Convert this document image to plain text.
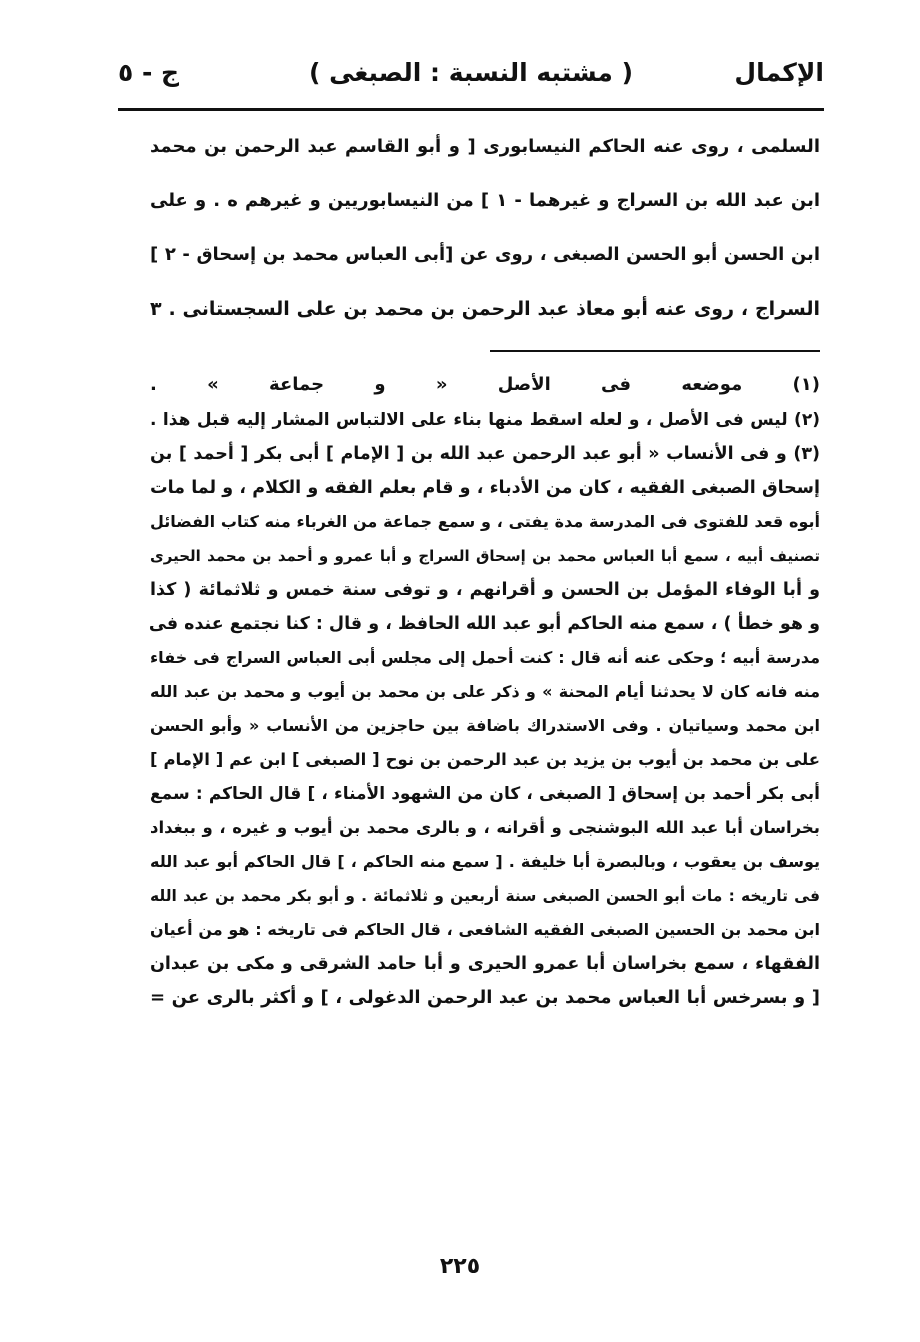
الإكمال
( مشتبه النسبة : الصبغى )
ج - ٥
السلمى ، روى عنه الحاكم النيسابورى [ و أبو القاسم عبد الرحمن بن محمد
ابن عبد الله بن السراج و غيرهما - ١ ] من النيسابوريين و غيرهم ه . و على
ابن الحسن أبو الحسن الصبغى ، روى عن [أبى العباس محمد بن إسحاق - ٢ ]
السراج ، روى عنه أبو معاذ عبد الرحمن بن محمد بن على السجستانى . ٣
(١) موضعه فى الأصل « و جماعة » .
(٢) ليس فى الأصل ، و لعله اسقط منها بناء على الالتباس المشار إليه قبل هذا .
(٣) و فى الأنساب « أبو عبد الرحمن عبد الله بن [ الإمام ] أبى بكر [ أحمد ] بن
إسحاق الصبغى الفقيه ، كان من الأدباء ، و قام بعلم الفقه و الكلام ، و لما مات
أبوه قعد للفتوى فى المدرسة مدة يفتى ، و سمع جماعة من الغرباء منه كتاب الفضائل
تصنيف أبيه ، سمع أبا العباس محمد بن إسحاق السراج و أبا عمرو و أحمد بن محمد الحيرى
و أبا الوفاء المؤمل بن الحسن و أقرانهم ، و توفى سنة خمس و ثلاثمائة ( كذا
و هو خطأ ) ، سمع منه الحاكم أبو عبد الله الحافظ ، و قال : كنا نجتمع عنده فى
مدرسة أبيه ؛ وحكى عنه أنه قال : كنت أحمل إلى مجلس أبى العباس السراج فى خفاء
منه فانه كان لا يحدثنا أيام المحنة » و ذكر على بن محمد بن أيوب و محمد بن عبد الله
ابن محمد وسياتيان . وفى الاستدراك باضافة بين حاجزين من الأنساب « وأبو الحسن
على بن محمد بن أيوب بن يزيد بن عبد الرحمن بن نوح [ الصبغى ] ابن عم [ الإمام ]
أبى بكر أحمد بن إسحاق [ الصبغى ، كان من الشهود الأمناء ، ] قال الحاكم : سمع
بخراسان أبا عبد الله البوشنجى و أقرانه ، و بالرى محمد بن أيوب و غيره ، و ببغداد
يوسف بن يعقوب ، وبالبصرة أبا خليفة . [ سمع منه الحاكم ، ] قال الحاكم أبو عبد الله
فى تاريخه : مات أبو الحسن الصبغى سنة أربعين و ثلاثمائة . و أبو بكر محمد بن عبد الله
ابن محمد بن الحسين الصبغى الفقيه الشافعى ، قال الحاكم فى تاريخه : هو من أعيان
الفقهاء ، سمع بخراسان أبا عمرو الحيرى و أبا حامد الشرقى و مكى بن عبدان
[ و بسرخس أبا العباس محمد بن عبد الرحمن الدغولى ، ] و أكثر بالرى عن =
٢٢٥
